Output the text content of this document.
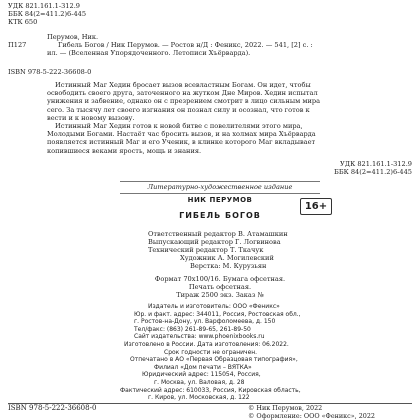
УДК 821.161.1-312.9
ББК 84(2=411.2)6-445
КТК 650
П127
Перумов, Ник.
Гибель Богов / Ник Перумов. — Ростов н/Д : Феникс, 2022. — 541, [2] с. :
ил. — (Вселенная Упорядоченного. Летописи Хъёрварда).
ISBN 978-5-222-36608-0
Истинный Маг Хедин бросает вызов всевластным Богам. Он идет, чтобы
освободить своего друга, заточенного на жутком Дне Миров. Хедин испытал
унижения и забвение, однако он с презрением смотрит в лицо сильным мира
сего. За тысячу лет своего изгнания он познал силу и осознал, что готов к
вести и к новому вызову.
Истинный Маг Хедин готов к новой битве с повелителями этого мира,
Молодыми Богами. Настаёт час бросить вызов, и на холмах мира Хъёрварда
появляется истинный Маг и его Ученик, в клинке которого Маг вкладывает
копившиеся веками ярость, мощь и знания.
УДК 821.161.1-312.9
ББК 84(2=411.2)6-445
Литературно-художественное издание
НИК ПЕРУМОВ
ГИБЕЛЬ БОГОВ
16+
Ответственный редактор В. Атамашкин
Выпускающий редактор Г. Логвинова
Технический редактор Т. Ткачук
Художник А. Могилевский
Верстка: М. Курузьян
Формат 70х100/16. Бумага офсетная.
Печать офсетная.
Тираж 2500 экз. Заказ №
Издатель и изготовитель: ООО «Феникс»
Юр. и факт. адрес: 344011, Россия, Ростовская обл.,
г. Ростов-на-Дону, ул. Варфоломеева, д. 150
Тел/факс: (863) 261-89-65, 261-89-50
Сайт издательства: www.phoenixbooks.ru
Изготовлено в России. Дата изготовления: 06.2022.
Срок годности не ограничен.
Отпечатано в АО «Первая Образцовая типография»,
Филиал «Дом печати – ВЯТКА»
Юридический адрес: 115054, Россия,
г. Москва, ул. Валовая, д. 28
Фактический адрес: 610033, Россия, Кировская область,
г. Киров, ул. Московская, д. 122
ISBN 978-5-222-36608-0	© Ник Перумов, 2022
© Оформление: ООО «Феникс», 2022
